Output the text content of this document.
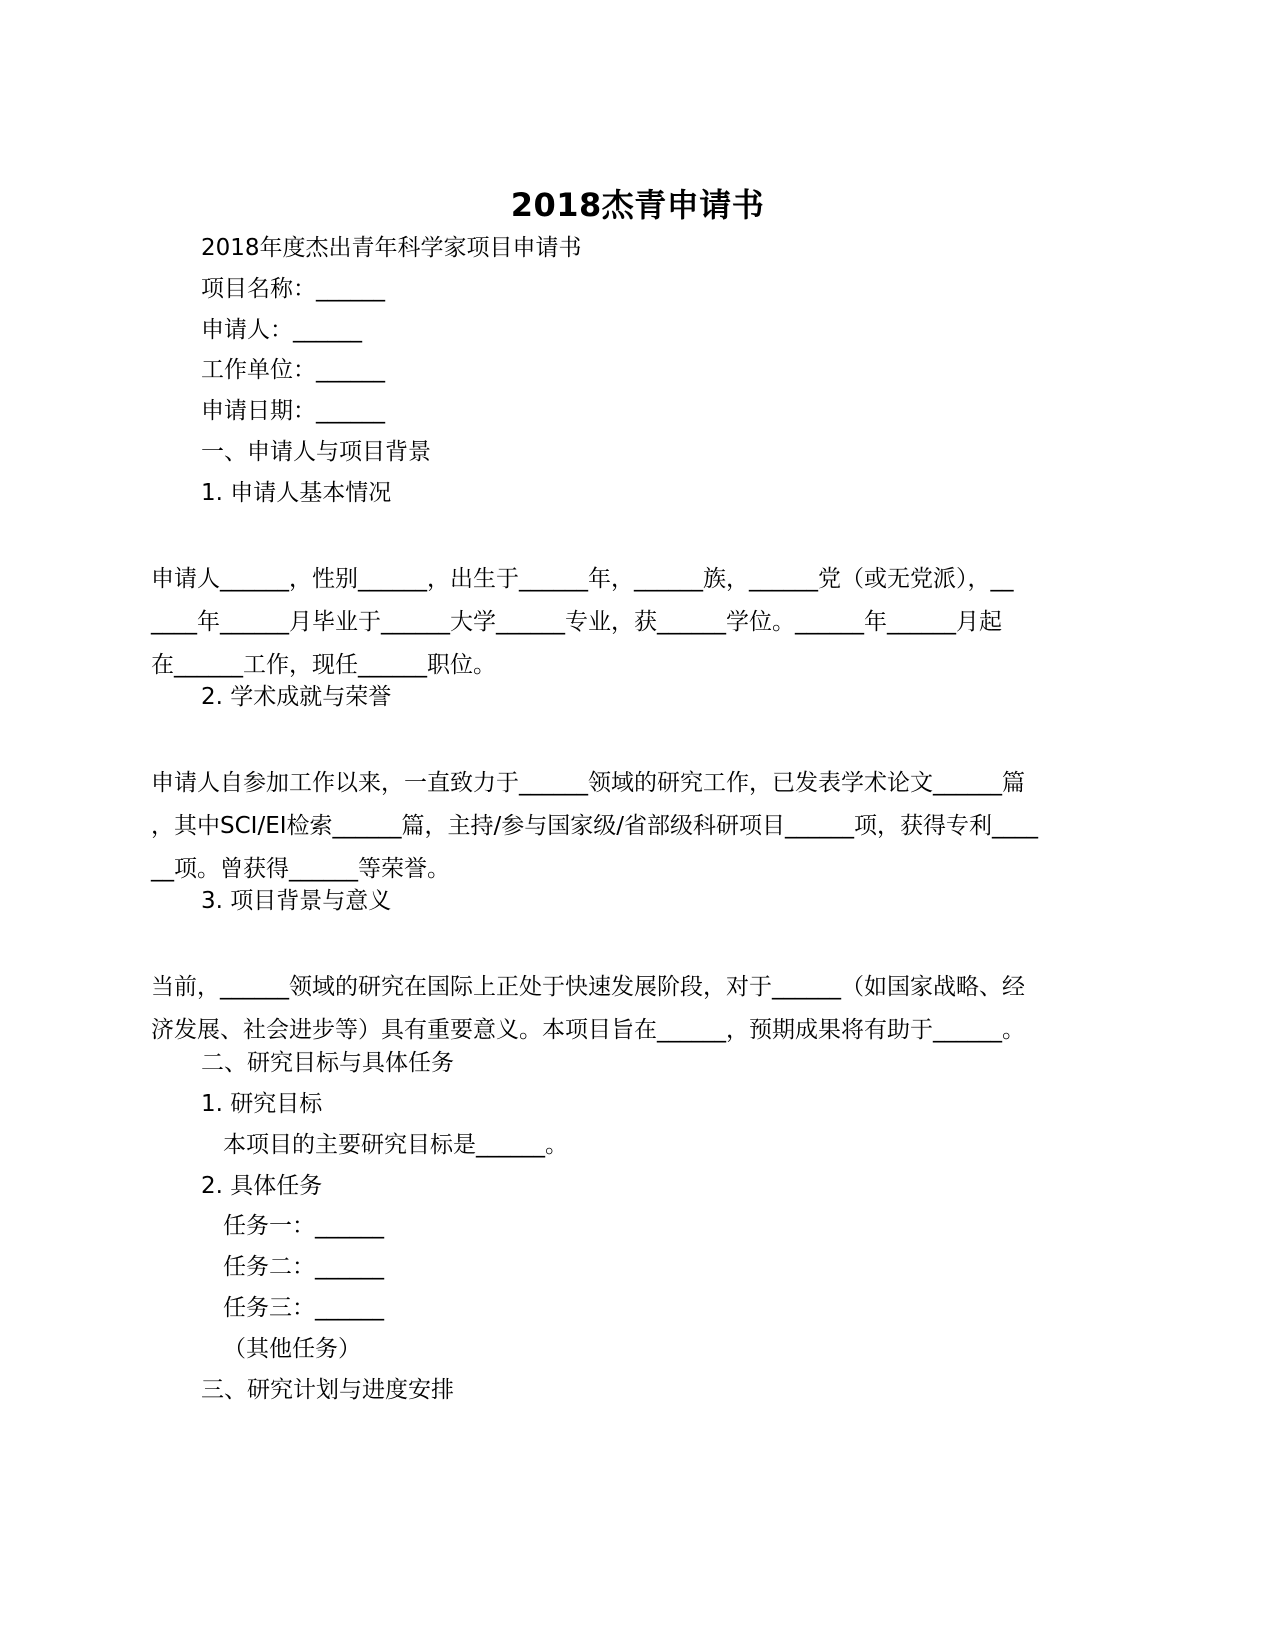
2018杰青申请书
2018年度杰出青年科学家项目申请书
项目名称：______
申请人：______
工作单位：______
申请日期：______
一、申请人与项目背景
1. 申请人基本情况
申请人______，性别______，出生于______年，______族，______党（或无党派），__
____年______月毕业于______大学______专业，获______学位。______年______月起
在______工作，现任______职位。
2. 学术成就与荣誉
申请人自参加工作以来，一直致力于______领域的研究工作，已发表学术论文______篇
，其中SCI/EI检索______篇，主持/参与国家级/省部级科研项目______项，获得专利____
__项。曾获得______等荣誉。
3. 项目背景与意义
当前，______领域的研究在国际上正处于快速发展阶段，对于______（如国家战略、经
济发展、社会进步等）具有重要意义。本项目旨在______，预期成果将有助于______。
二、研究目标与具体任务
1. 研究目标
本项目的主要研究目标是______。
2. 具体任务
任务一：______
任务二：______
任务三：______
（其他任务）
三、研究计划与进度安排
